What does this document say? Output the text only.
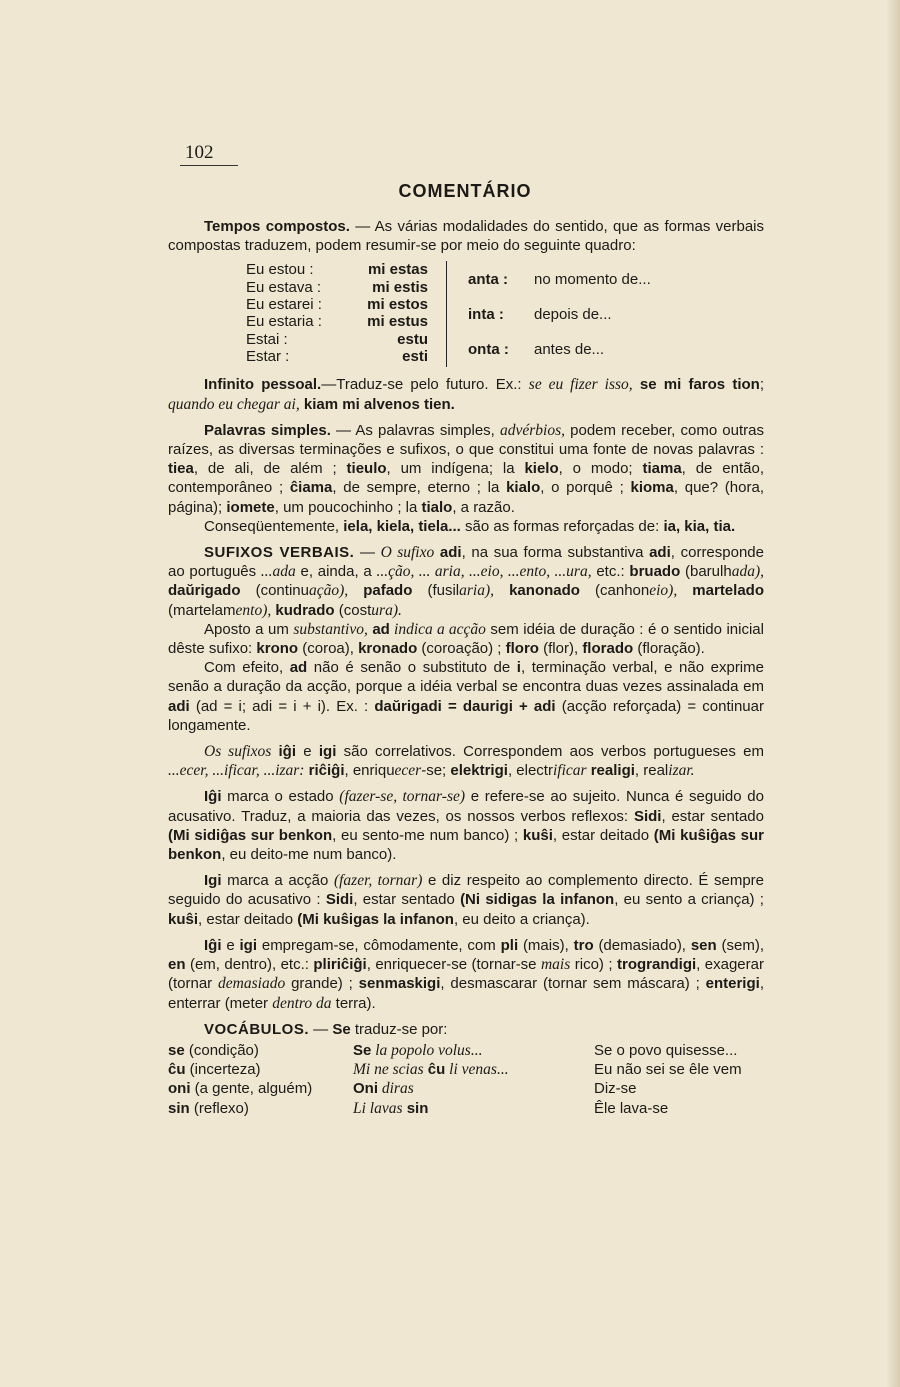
102
COMENTÁRIO

Tempos compostos. — As várias modalidades do sentido, que as formas verbais compostas traduzem, podem resumir-se por meio do seguinte quadro:

Eu estou :
Eu estava :
Eu estarei :
Eu estaria :
Estai :
Estar :
mi estas
mi estis
mi estos
mi estus
estu
esti
anta : no momento de...
inta : depois de...
onta : antes de...

Infinito pessoal.—Traduz-se pelo futuro. Ex.: se eu fizer isso, se mi faros tion; quando eu chegar ai, kiam mi alvenos tien.

Palavras simples. — As palavras simples, advérbios, podem receber, como outras raízes, as diversas terminações e sufixos, o que constitui uma fonte de novas palavras : tiea, de ali, de além ; tieulo, um indígena; la kielo, o modo; tiama, de então, contemporâneo ; ĉiama, de sempre, eterno ; la kialo, o porquê ; kioma, que? (hora, página); iomete, um poucochinho ; la tialo, a razão.

Conseqüentemente, iela, kiela, tiela... são as formas reforçadas de: ia, kia, tia.

SUFIXOS VERBAIS. — O sufixo adi, na sua forma substantiva adi, corresponde ao português ...ada e, ainda, a ...ção, ... aria, ...eio, ...ento, ...ura, etc.: bruado (barulhada), daŭrigado (continuação), pafado (fusilaria), kanonado (canhoneio), martelado (martelamento), kudrado (costura).

Aposto a um substantivo, ad indica a acção sem idéia de duração : é o sentido inicial dêste sufixo: krono (coroa), kronado (coroação) ; floro (flor), florado (floração).

Com efeito, ad não é senão o substituto de i, terminação verbal, e não exprime senão a duração da acção, porque a idéia verbal se encontra duas vezes assinalada em adi (ad = i; adi = i + i). Ex. : daŭrigadi = daurigi + adi (acção reforçada) = continuar longamente.

Os sufixos iĝi e igi são correlativos. Correspondem aos verbos portugueses em ...ecer, ...ificar, ...izar: riĉiĝi, enriquecer-se; elektrigi, electrificar realigi, realizar.

Iĝi marca o estado (fazer-se, tornar-se) e refere-se ao sujeito. Nunca é seguido do acusativo. Traduz, a maioria das vezes, os nossos verbos reflexos: Sidi, estar sentado (Mi sidiĝas sur benkon, eu sento-me num banco) ; kuŝi, estar deitado (Mi kuŝiĝas sur benkon, eu deito-me num banco).

Igi marca a acção (fazer, tornar) e diz respeito ao complemento directo. É sempre seguido do acusativo : Sidi, estar sentado (Ni sidigas la infanon, eu sento a criança) ; kuŝi, estar deitado (Mi kuŝigas la infanon, eu deito a criança).

Iĝi e igi empregam-se, cômodamente, com pli (mais), tro (demasiado), sen (sem), en (em, dentro), etc.: pliriĉiĝi, enriquecer-se (tornar-se mais rico) ; trograndigi, exagerar (tornar demasiado grande) ; senmaskigi, desmascarar (tornar sem máscara) ; enterigi, enterrar (meter dentro da terra).

VOCÁBULOS. — Se traduz-se por:

se (condição)
ĉu (incerteza)
oni (a gente, alguém)
sin (reflexo)
Se la popolo volus...
Mi ne scias ĉu li venas...
Oni diras
Li lavas sin
Se o povo quisesse...
Eu não sei se êle vem
Diz-se
Êle lava-se
